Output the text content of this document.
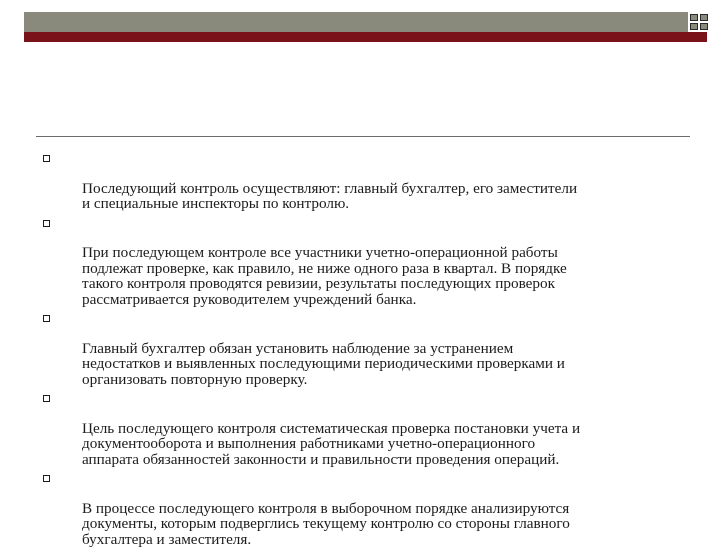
Последующий контроль осуществляют: главный бухгалтер, его заместители
и специальные инспекторы по контролю.

При последующем контроле все участники учетно-операционной работы
подлежат проверке, как правило, не ниже одного раза в квартал. В порядке
такого контроля проводятся ревизии, результаты последующих проверок
рассматривается руководителем учреждений банка.

Главный бухгалтер обязан установить наблюдение за устранением
недостатков и выявленных последующими периодическими проверками и
организовать повторную проверку.

Цель последующего контроля систематическая проверка постановки учета и
документооборота и выполнения работниками учетно-операционного
аппарата обязанностей законности и правильности проведения операций.

В процессе последующего контроля в выборочном порядке анализируются
документы, которым подверглись текущему контролю со стороны главного
бухгалтера и заместителя.
